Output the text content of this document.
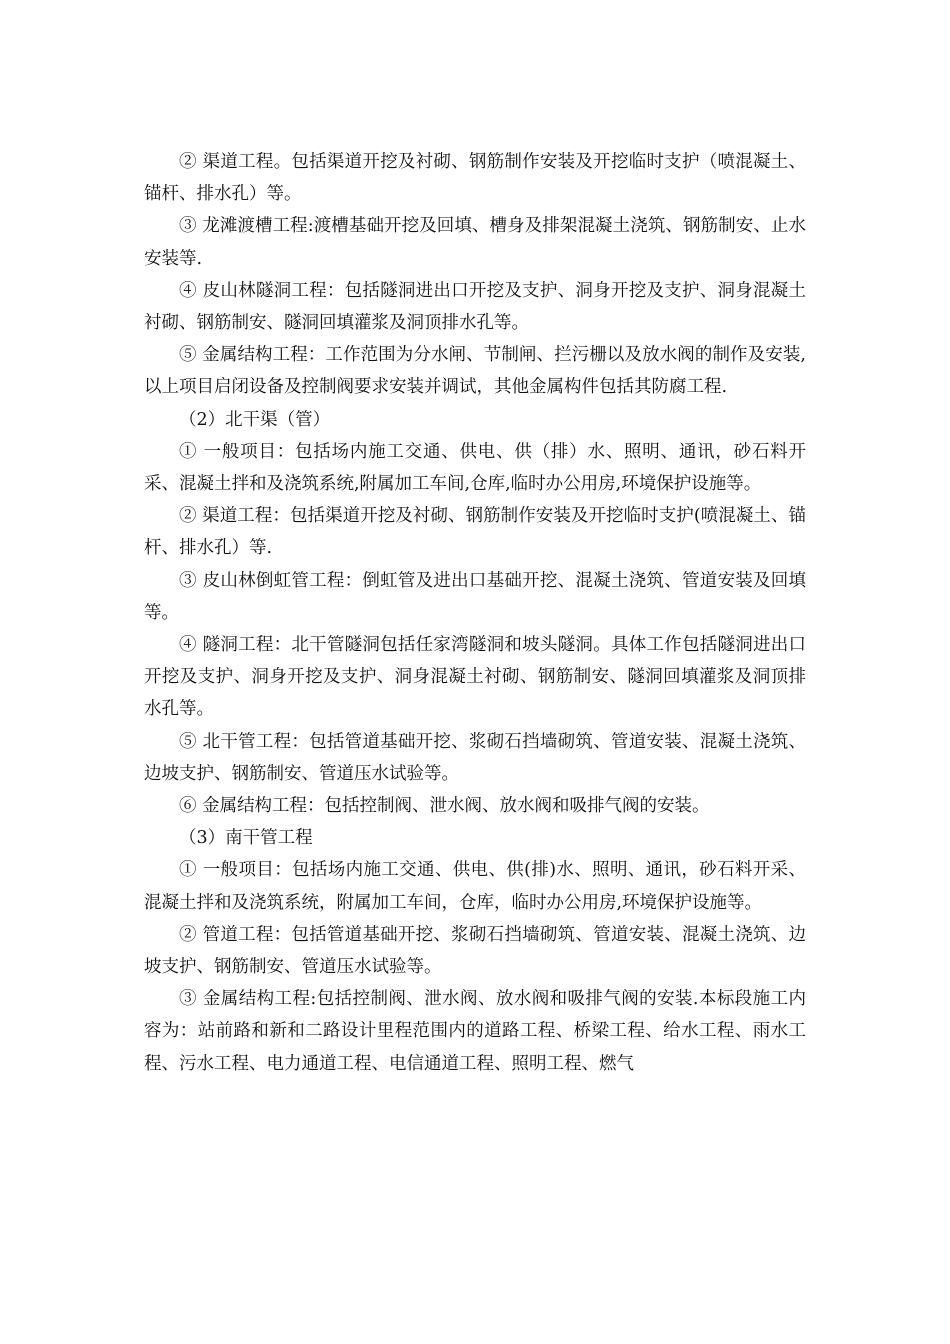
② 渠道工程。包括渠道开挖及衬砌、钢筋制作安装及开挖临时支护（喷混凝土、锚杆、排水孔）等。

③ 龙滩渡槽工程:渡槽基础开挖及回填、槽身及排架混凝土浇筑、钢筋制安、止水安装等.

④ 皮山林隧洞工程：包括隧洞进出口开挖及支护、洞身开挖及支护、洞身混凝土衬砌、钢筋制安、隧洞回填灌浆及洞顶排水孔等。

⑤ 金属结构工程：工作范围为分水闸、节制闸、拦污栅以及放水阀的制作及安装,以上项目启闭设备及控制阀要求安装并调试，其他金属构件包括其防腐工程.

（2）北干渠（管）

① 一般项目：包括场内施工交通、供电、供（排）水、照明、通讯，砂石料开采、混凝土拌和及浇筑系统,附属加工车间,仓库,临时办公用房,环境保护设施等。

② 渠道工程：包括渠道开挖及衬砌、钢筋制作安装及开挖临时支护(喷混凝土、锚杆、排水孔）等.

③ 皮山林倒虹管工程：倒虹管及进出口基础开挖、混凝土浇筑、管道安装及回填等。

④ 隧洞工程：北干管隧洞包括任家湾隧洞和坡头隧洞。具体工作包括隧洞进出口开挖及支护、洞身开挖及支护、洞身混凝土衬砌、钢筋制安、隧洞回填灌浆及洞顶排水孔等。

⑤ 北干管工程：包括管道基础开挖、浆砌石挡墙砌筑、管道安装、混凝土浇筑、边坡支护、钢筋制安、管道压水试验等。

⑥ 金属结构工程：包括控制阀、泄水阀、放水阀和吸排气阀的安装。

（3）南干管工程

① 一般项目：包括场内施工交通、供电、供(排)水、照明、通讯，砂石料开采、混凝土拌和及浇筑系统，附属加工车间，仓库，临时办公用房,环境保护设施等。

② 管道工程：包括管道基础开挖、浆砌石挡墙砌筑、管道安装、混凝土浇筑、边坡支护、钢筋制安、管道压水试验等。

③ 金属结构工程:包括控制阀、泄水阀、放水阀和吸排气阀的安装.本标段施工内容为：站前路和新和二路设计里程范围内的道路工程、桥梁工程、给水工程、雨水工程、污水工程、电力通道工程、电信通道工程、照明工程、燃气
